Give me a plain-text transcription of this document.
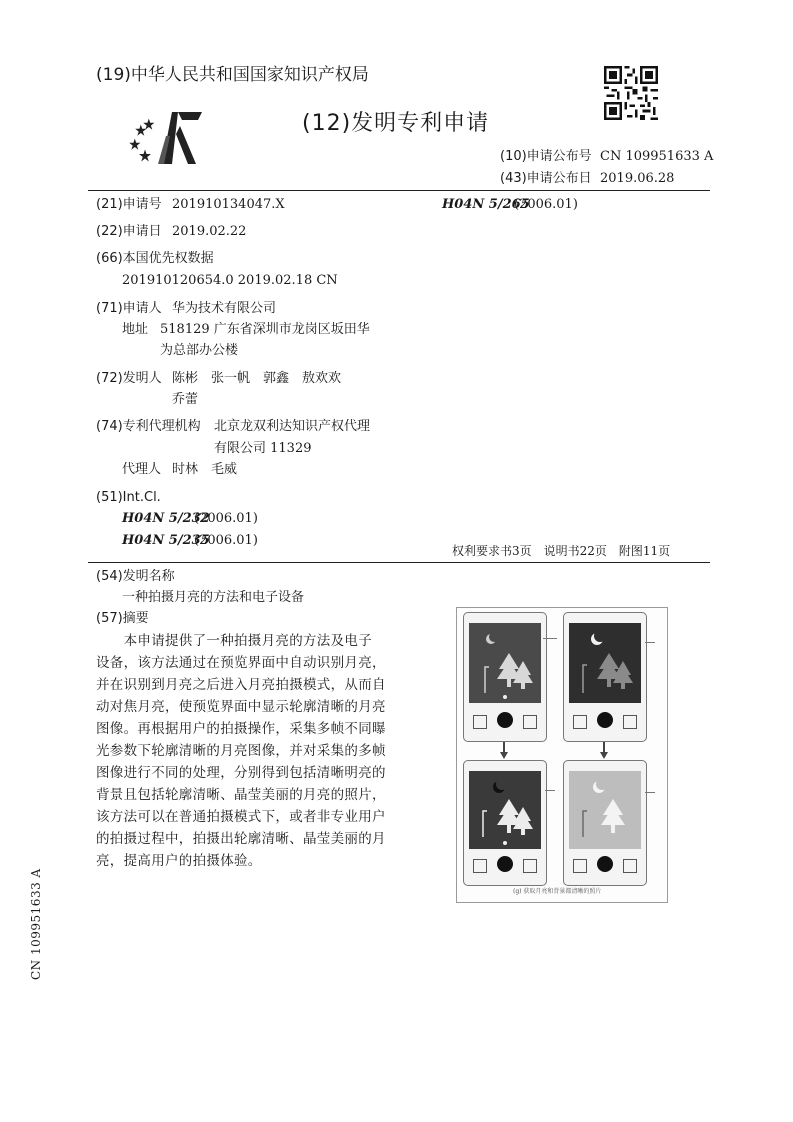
(19)中华人民共和国国家知识产权局
(12)发明专利申请
(10)申请公布号 CN 109951633 A
(43)申请公布日 2019.06.28
(21)申请号 201910134047.X	H04N 5/265
(2006.01)
(22)申请日 2019.02.22
(66)本国优先权数据
201910120654.0 2019.02.18 CN
(71)申请人 华为技术有限公司
地址 518129 广东省深圳市龙岗区坂田华
为总部办公楼
(72)发明人 陈彬　张一帆　郭鑫　敖欢欢
乔蕾
(74)专利代理机构 北京龙双利达知识产权代理
有限公司 11329
代理人 时林　毛威
(51)Int.Cl.
H04N 5/232
(2006.01)
H04N 5/235
(2006.01)
权利要求书3页　说明书22页　附图11页
(54)发明名称
一种拍摄月亮的方法和电子设备
(57)摘要

　　本申请提供了一种拍摄月亮的方法及电子

设备，该方法通过在预览界面中自动识别月亮，

并在识别到月亮之后进入月亮拍摄模式，从而自

动对焦月亮，使预览界面中显示轮廓清晰的月亮

图像。再根据用户的拍摄操作，采集多帧不同曝

光参数下轮廓清晰的月亮图像，并对采集的多帧

图像进行不同的处理，分别得到包括清晰明亮的

背景且包括轮廓清晰、晶莹美丽的月亮的照片，

该方法可以在普通拍摄模式下，或者非专业用户

的拍摄过程中，拍摄出轮廓清晰、晶莹美丽的月

亮，提高用户的拍摄体验。

(g) 获取月亮和背景都清晰的照片
CN 109951633 A
